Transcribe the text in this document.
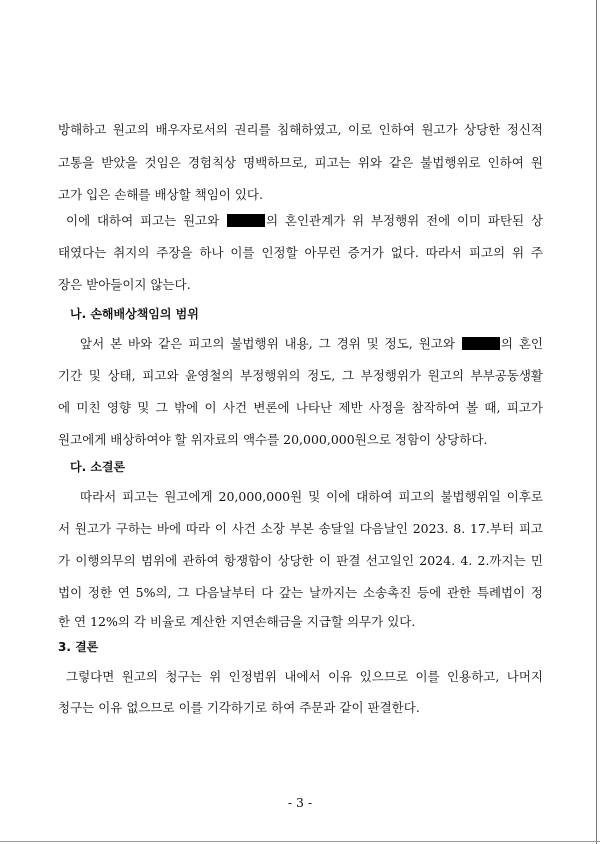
방해하고 원고의 배우자로서의 권리를 침해하였고, 이로 인하여 원고가 상당한 정신적
고통을 받았을 것임은 경험칙상 명백하므로, 피고는 위와 같은 불법행위로 인하여 원
고가 입은 손해를 배상할 책임이 있다.
이에 대하여 피고는 원고와	의 혼인관계가 위 부정행위 전에 이미 파탄된 상
태였다는 취지의 주장을 하나 이를 인정할 아무런 증거가 없다. 따라서 피고의 위 주
장은 받아들이지 않는다.
나. 손해배상책임의 범위
앞서 본 바와 같은 피고의 불법행위 내용, 그 경위 및 정도, 원고와	의 혼인
기간 및 상태, 피고와 윤영철의 부정행위의 정도, 그 부정행위가 원고의 부부공동생활
에 미친 영향 및 그 밖에 이 사건 변론에 나타난 제반 사정을 참작하여 볼 때, 피고가
원고에게 배상하여야 할 위자료의 액수를 20,000,000원으로 정함이 상당하다.
다. 소결론
따라서 피고는 원고에게 20,000,000원 및 이에 대하여 피고의 불법행위일 이후로
서 원고가 구하는 바에 따라 이 사건 소장 부본 송달일 다음날인 2023. 8. 17.부터 피고
가 이행의무의 범위에 관하여 항쟁함이 상당한 이 판결 선고일인 2024. 4. 2.까지는 민
법이 정한 연 5%의, 그 다음날부터 다 갚는 날까지는 소송촉진 등에 관한 특례법이 정
한 연 12%의 각 비율로 계산한 지연손해금을 지급할 의무가 있다.
3. 결론
그렇다면 원고의 청구는 위 인정범위 내에서 이유 있으므로 이를 인용하고, 나머지
청구는 이유 없으므로 이를 기각하기로 하여 주문과 같이 판결한다.
- 3 -
